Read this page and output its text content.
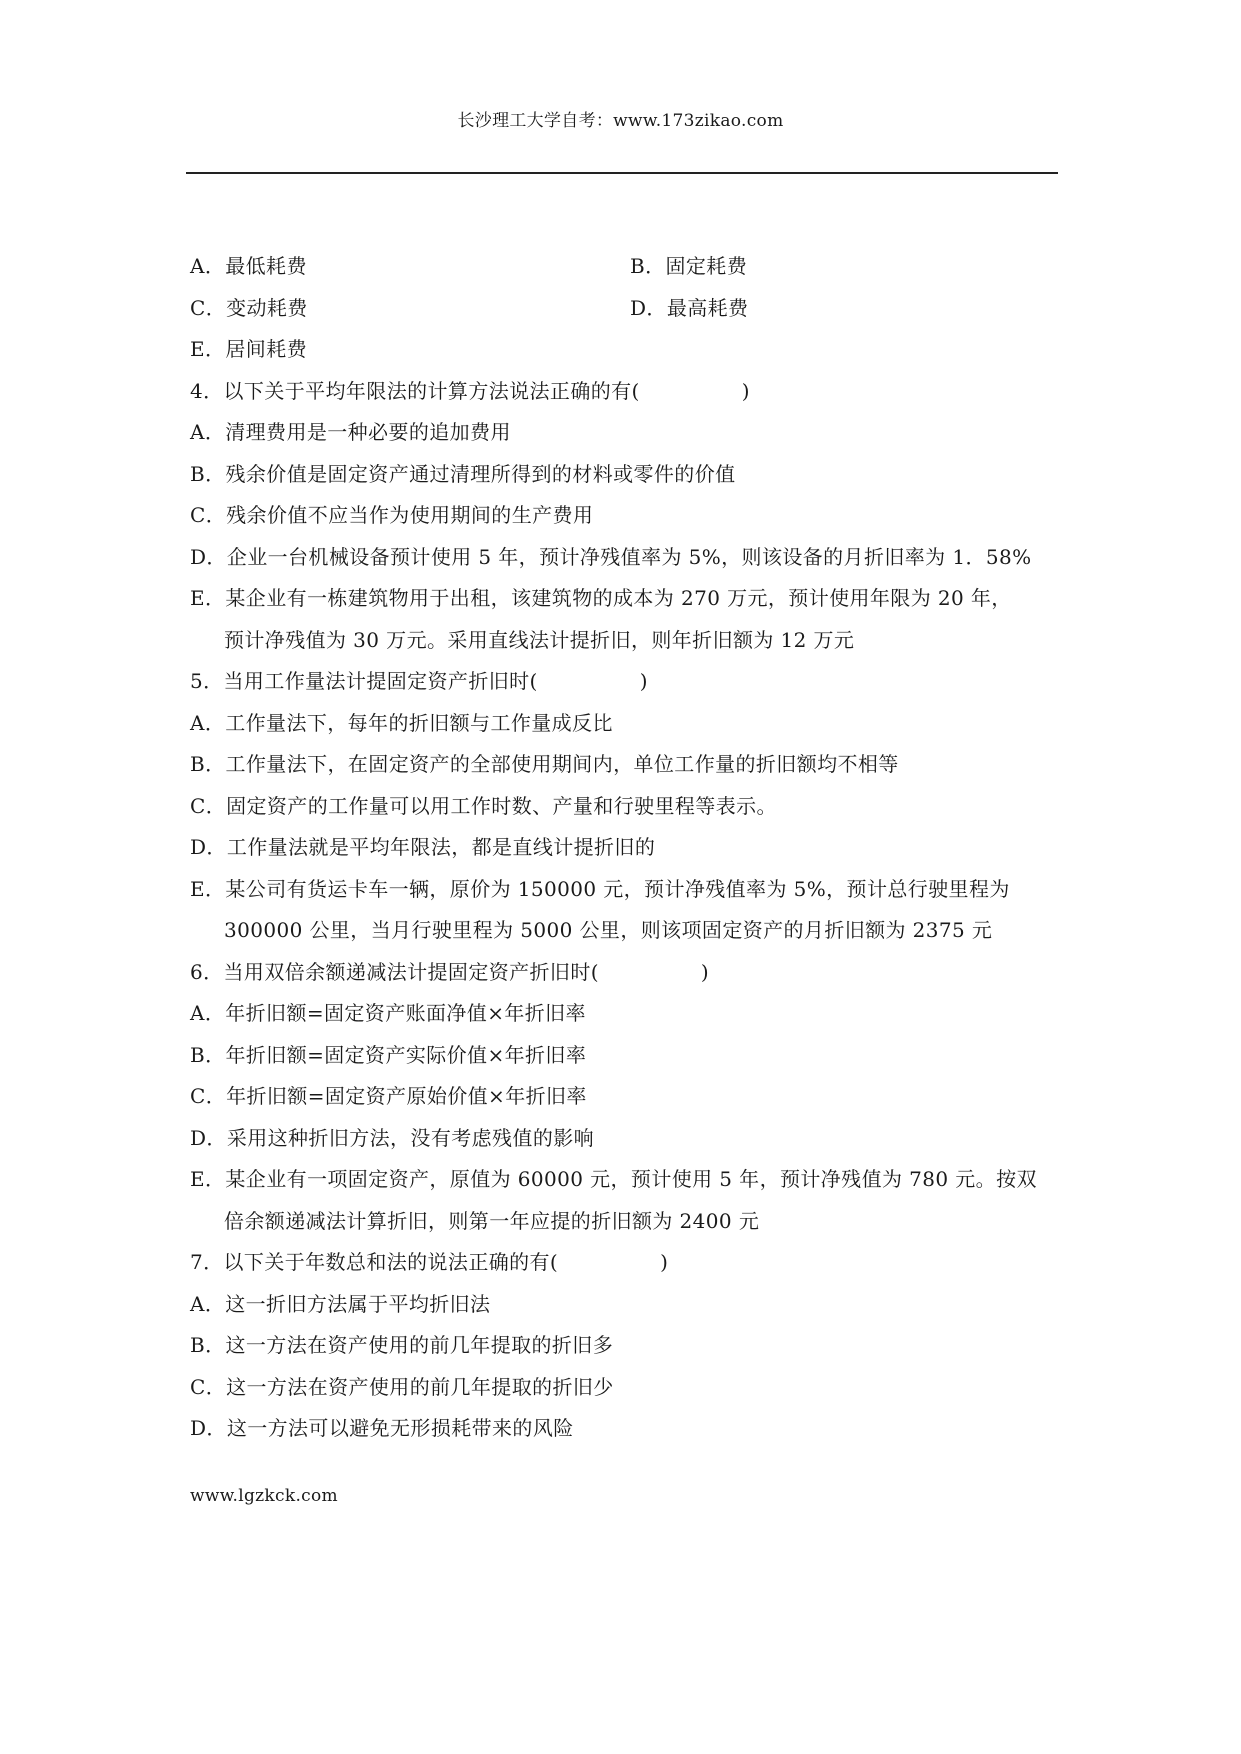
长沙理工大学自考：www.173zikao.com
A．最低耗费	B．固定耗费
C．变动耗费	D．最高耗费
E．居间耗费
4．以下关于平均年限法的计算方法说法正确的有(　　　　　)
A．清理费用是一种必要的追加费用
B．残余价值是固定资产通过清理所得到的材料或零件的价值
C．残余价值不应当作为使用期间的生产费用
D．企业一台机械设备预计使用 5 年，预计净残值率为 5%，则该设备的月折旧率为 1．58%
E．某企业有一栋建筑物用于出租，该建筑物的成本为 270 万元，预计使用年限为 20 年，
预计净残值为 30 万元。采用直线法计提折旧，则年折旧额为 12 万元
5．当用工作量法计提固定资产折旧时(　　　　　)
A．工作量法下，每年的折旧额与工作量成反比
B．工作量法下，在固定资产的全部使用期间内，单位工作量的折旧额均不相等
C．固定资产的工作量可以用工作时数、产量和行驶里程等表示。
D．工作量法就是平均年限法，都是直线计提折旧的
E．某公司有货运卡车一辆，原价为 150000 元，预计净残值率为 5%，预计总行驶里程为
300000 公里，当月行驶里程为 5000 公里，则该项固定资产的月折旧额为 2375 元
6．当用双倍余额递减法计提固定资产折旧时(　　　　　)
A．年折旧额=固定资产账面净值×年折旧率
B．年折旧额=固定资产实际价值×年折旧率
C．年折旧额=固定资产原始价值×年折旧率
D．采用这种折旧方法，没有考虑残值的影响
E．某企业有一项固定资产，原值为 60000 元，预计使用 5 年，预计净残值为 780 元。按双
倍余额递减法计算折旧，则第一年应提的折旧额为 2400 元
7．以下关于年数总和法的说法正确的有(　　　　　)
A．这一折旧方法属于平均折旧法
B．这一方法在资产使用的前几年提取的折旧多
C．这一方法在资产使用的前几年提取的折旧少
D．这一方法可以避免无形损耗带来的风险
www.lgzkck.com
